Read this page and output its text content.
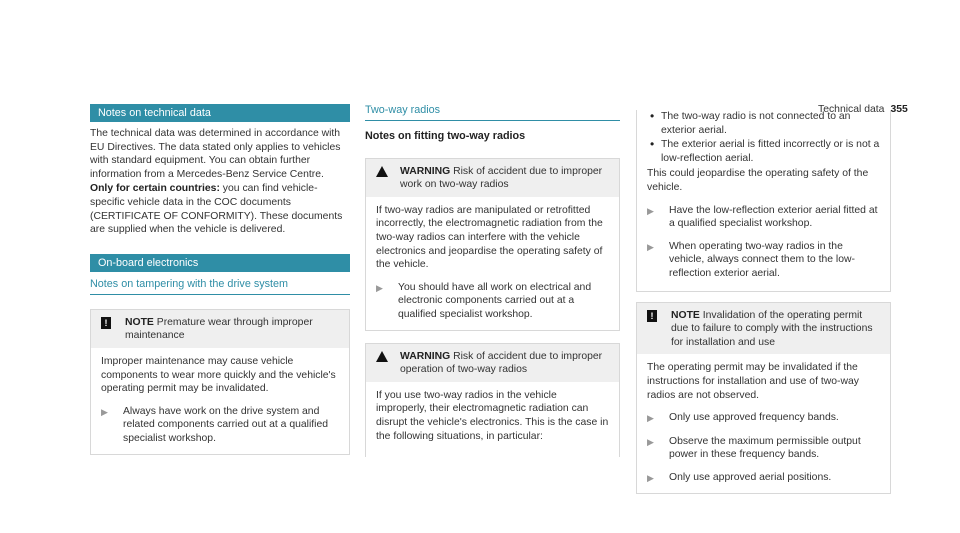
Technical data 355
Notes on technical data

The technical data was determined in accordance with EU Directives. The data stated only applies to vehicles with standard equipment. You can obtain further information from a Mercedes-Benz Service Centre.

Only for certain countries: you can find vehicle-specific vehicle data in the COC documents (CERTIFICATE OF CONFORMITY). These documents are supplied when the vehicle is delivered.

On-board electronics
Notes on tampering with the drive system
!	NOTE Premature wear through improper maintenance

Improper maintenance may cause vehicle components to wear more quickly and the vehicle's operating permit may be invalidated.

▶	Always have work on the drive system and related components carried out at a qualified specialist workshop.
Two-way radios
Notes on fitting two-way radios
WARNING Risk of accident due to improper work on two-way radios

If two-way radios are manipulated or retrofitted incorrectly, the electromagnetic radiation from the two-way radios can interfere with the vehicle electronics and jeopardise the operating safety of the vehicle.

▶	You should have all work on electrical and electronic components carried out at a qualified specialist workshop.
WARNING Risk of accident due to improper operation of two-way radios

If you use two-way radios in the vehicle improperly, their electromagnetic radiation can disrupt the vehicle's electronics. This is the case in the following situations, in particular:

• The two-way radio is not connected to an exterior aerial.
• The exterior aerial is fitted incorrectly or is not a low-reflection aerial.

This could jeopardise the operating safety of the vehicle.

▶	Have the low-reflection exterior aerial fitted at a qualified specialist workshop.
▶	When operating two-way radios in the vehicle, always connect them to the low-reflection exterior aerial.
!	NOTE Invalidation of the operating permit due to failure to comply with the instructions for installation and use

The operating permit may be invalidated if the instructions for installation and use of two-way radios are not observed.

▶	Only use approved frequency bands.
▶	Observe the maximum permissible output power in these frequency bands.
▶	Only use approved aerial positions.
